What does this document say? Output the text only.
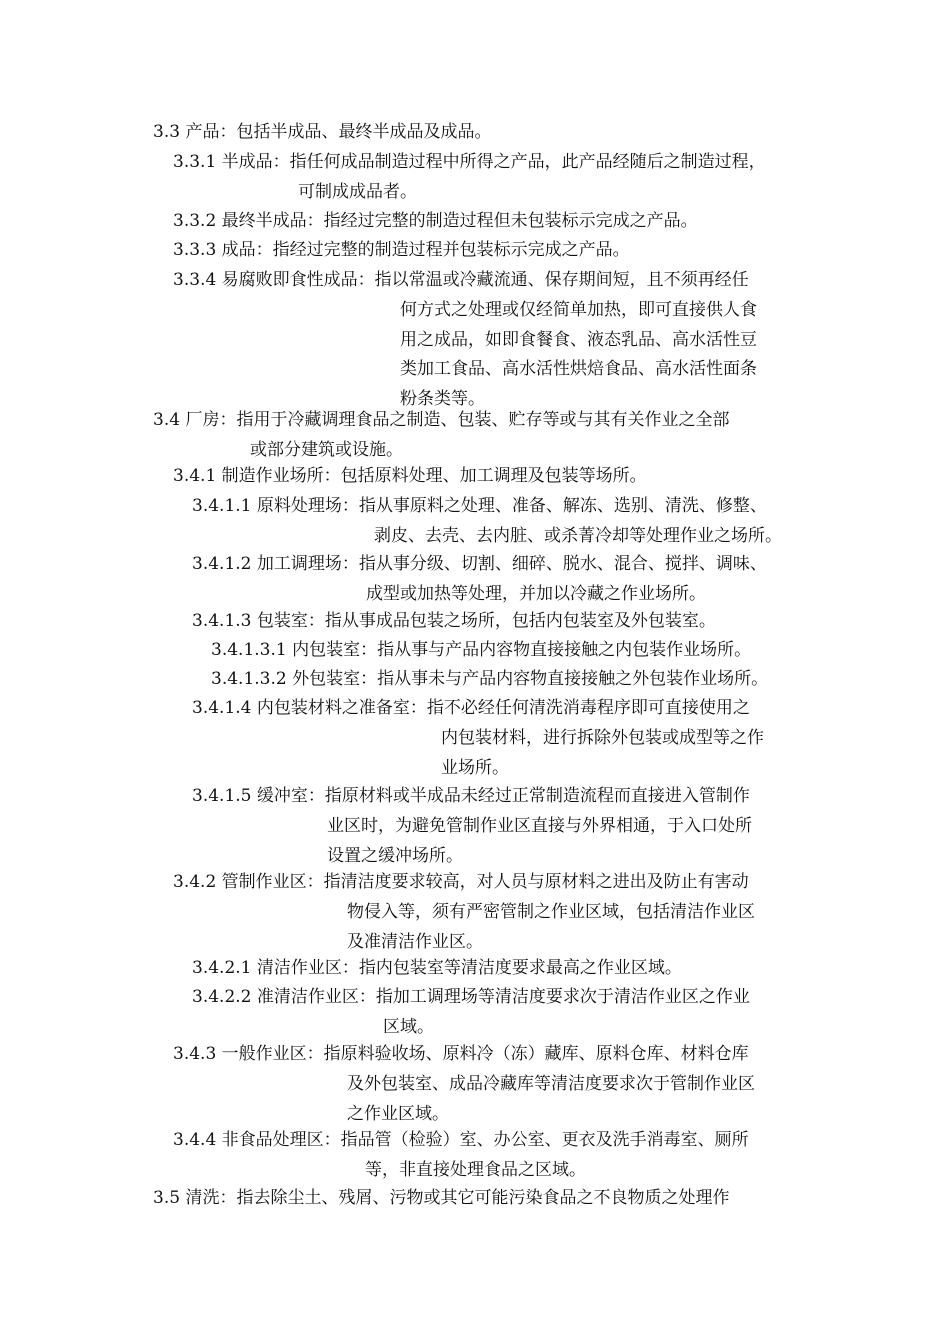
3.3 产品：包括半成品、最终半成品及成品。
3.3.1 半成品：指任何成品制造过程中所得之产品，此产品经随后之制造过程，
可制成成品者。
3.3.2 最终半成品：指经过完整的制造过程但未包装标示完成之产品。
3.3.3 成品：指经过完整的制造过程并包装标示完成之产品。
3.3.4 易腐败即食性成品：指以常温或冷藏流通、保存期间短，且不须再经任
何方式之处理或仅经简单加热，即可直接供人食
用之成品，如即食餐食、液态乳品、高水活性豆
类加工食品、高水活性烘焙食品、高水活性面条
粉条类等。
3.4 厂房：指用于冷藏调理食品之制造、包装、贮存等或与其有关作业之全部
或部分建筑或设施。
3.4.1 制造作业场所：包括原料处理、加工调理及包装等场所。
3.4.1.1 原料处理场：指从事原料之处理、准备、解冻、选别、清洗、修整、
剥皮、去壳、去内脏、或杀菁冷却等处理作业之场所。
3.4.1.2 加工调理场：指从事分级、切割、细碎、脱水、混合、搅拌、调味、
成型或加热等处理，并加以冷藏之作业场所。
3.4.1.3 包装室：指从事成品包装之场所，包括内包装室及外包装室。
3.4.1.3.1 内包装室：指从事与产品内容物直接接触之内包装作业场所。
3.4.1.3.2 外包装室：指从事未与产品内容物直接接触之外包装作业场所。
3.4.1.4 内包装材料之准备室：指不必经任何清洗消毒程序即可直接使用之
内包装材料，进行拆除外包装或成型等之作
业场所。
3.4.1.5 缓冲室：指原材料或半成品未经过正常制造流程而直接进入管制作
业区时，为避免管制作业区直接与外界相通，于入口处所
设置之缓冲场所。
3.4.2 管制作业区：指清洁度要求较高，对人员与原材料之进出及防止有害动
物侵入等，须有严密管制之作业区域，包括清洁作业区
及准清洁作业区。
3.4.2.1 清洁作业区：指内包装室等清洁度要求最高之作业区域。
3.4.2.2 准清洁作业区：指加工调理场等清洁度要求次于清洁作业区之作业
区域。
3.4.3 一般作业区：指原料验收场、原料冷（冻）藏库、原料仓库、材料仓库
及外包装室、成品冷藏库等清洁度要求次于管制作业区
之作业区域。
3.4.4 非食品处理区：指品管（检验）室、办公室、更衣及洗手消毒室、厕所
等，非直接处理食品之区域。
3.5 清洗：指去除尘土、残屑、污物或其它可能污染食品之不良物质之处理作
